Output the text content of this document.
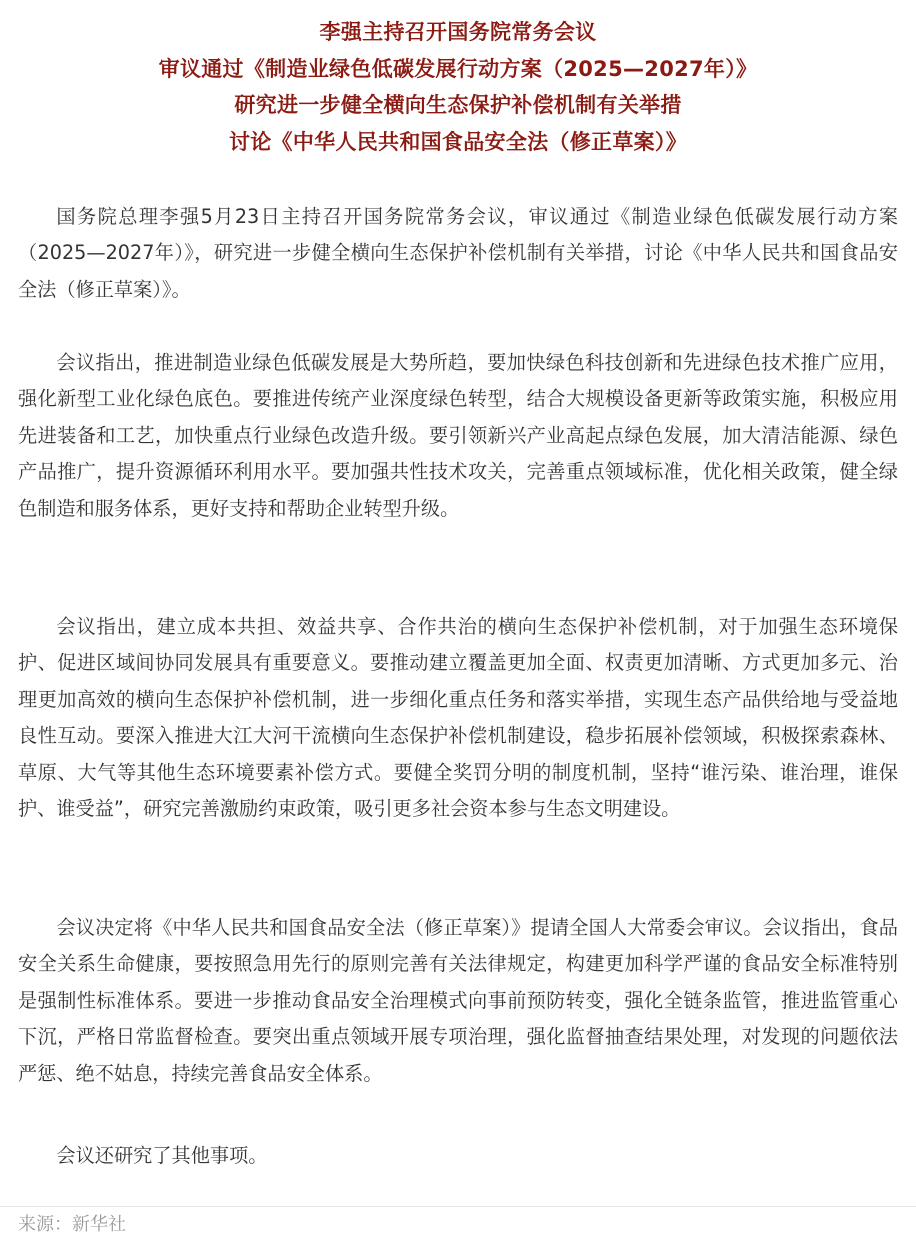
李强主持召开国务院常务会议
审议通过《制造业绿色低碳发展行动方案（2025—2027年）》
研究进一步健全横向生态保护补偿机制有关举措
讨论《中华人民共和国食品安全法（修正草案）》

国务院总理李强5月23日主持召开国务院常务会议，审议通过《制造业绿色低碳发展行动方案（2025—2027年）》，研究进一步健全横向生态保护补偿机制有关举措，讨论《中华人民共和国食品安全法（修正草案）》。

会议指出，推进制造业绿色低碳发展是大势所趋，要加快绿色科技创新和先进绿色技术推广应用，强化新型工业化绿色底色。要推进传统产业深度绿色转型，结合大规模设备更新等政策实施，积极应用先进装备和工艺，加快重点行业绿色改造升级。要引领新兴产业高起点绿色发展，加大清洁能源、绿色产品推广，提升资源循环利用水平。要加强共性技术攻关，完善重点领域标准，优化相关政策，健全绿色制造和服务体系，更好支持和帮助企业转型升级。

会议指出，建立成本共担、效益共享、合作共治的横向生态保护补偿机制，对于加强生态环境保护、促进区域间协同发展具有重要意义。要推动建立覆盖更加全面、权责更加清晰、方式更加多元、治理更加高效的横向生态保护补偿机制，进一步细化重点任务和落实举措，实现生态产品供给地与受益地良性互动。要深入推进大江大河干流横向生态保护补偿机制建设，稳步拓展补偿领域，积极探索森林、草原、大气等其他生态环境要素补偿方式。要健全奖罚分明的制度机制，坚持“谁污染、谁治理，谁保护、谁受益”，研究完善激励约束政策，吸引更多社会资本参与生态文明建设。

会议决定将《中华人民共和国食品安全法（修正草案）》提请全国人大常委会审议。会议指出，食品安全关系生命健康，要按照急用先行的原则完善有关法律规定，构建更加科学严谨的食品安全标准特别是强制性标准体系。要进一步推动食品安全治理模式向事前预防转变，强化全链条监管，推进监管重心下沉，严格日常监督检查。要突出重点领域开展专项治理，强化监督抽查结果处理，对发现的问题依法严惩、绝不姑息，持续完善食品安全体系。

会议还研究了其他事项。

来源：新华社
